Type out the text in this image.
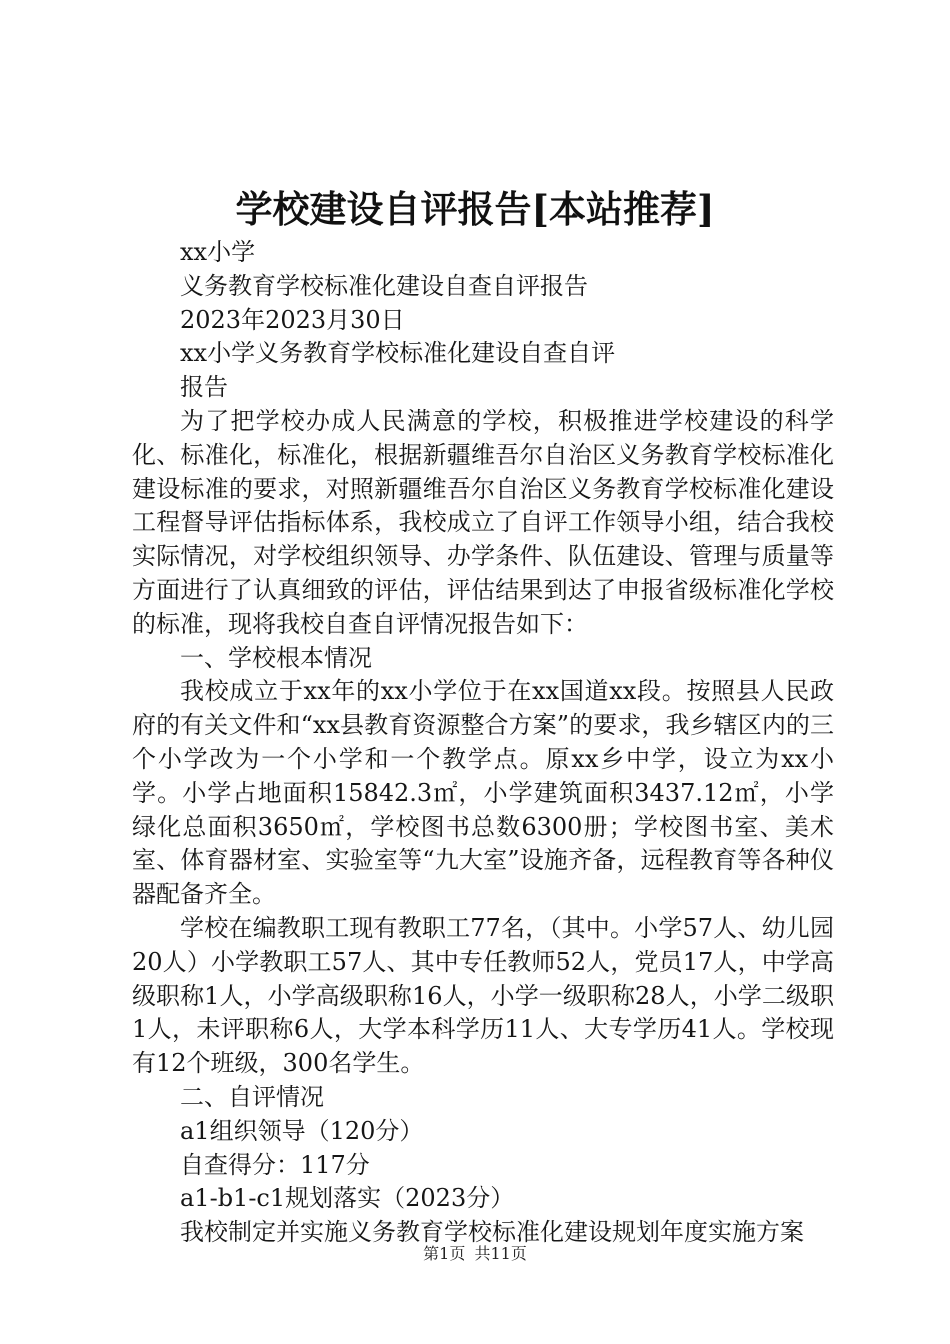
学校建设自评报告[本站推荐]
xx小学
义务教育学校标准化建设自查自评报告
2023年2023月30日
xx小学义务教育学校标准化建设自查自评
报告

为了把学校办成人民满意的学校，积极推进学校建设的科学化、标准化，标准化，根据新疆维吾尔自治区义务教育学校标准化建设标准的要求，对照新疆维吾尔自治区义务教育学校标准化建设工程督导评估指标体系，我校成立了自评工作领导小组，结合我校实际情况，对学校组织领导、办学条件、队伍建设、管理与质量等方面进行了认真细致的评估，评估结果到达了申报省级标准化学校的标准，现将我校自查自评情况报告如下：

一、学校根本情况

我校成立于xx年的xx小学位于在xx国道xx段。按照县人民政府的有关文件和“xx县教育资源整合方案”的要求，我乡辖区内的三个小学改为一个小学和一个教学点。原xx乡中学，设立为xx小学。小学占地面积15842.3㎡，小学建筑面积3437.12㎡，小学绿化总面积3650㎡，学校图书总数6300册；学校图书室、美术室、体育器材室、实验室等“九大室”设施齐备，远程教育等各种仪器配备齐全。

学校在编教职工现有教职工77名，（其中。小学57人、幼儿园20人）小学教职工57人、其中专任教师52人，党员17人，中学高级职称1人，小学高级职称16人，小学一级职称28人，小学二级职1人，未评职称6人，大学本科学历11人、大专学历41人。学校现有12个班级，300名学生。

二、自评情况

a1组织领导（120分）

自查得分：117分

a1-b1-c1规划落实（2023分）

我校制定并实施义务教育学校标准化建设规划年度实施方案

第1页 共11页
